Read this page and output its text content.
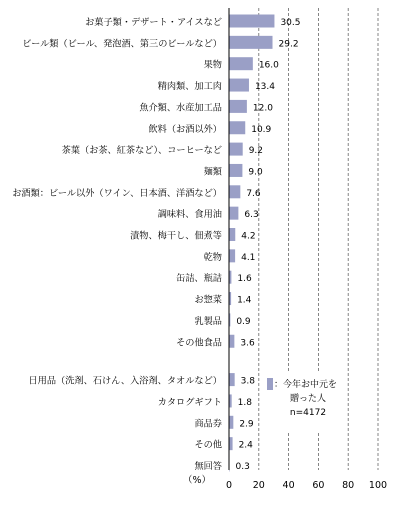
お菓子類・デザート・アイスなど
ビール類（ビール、発泡酒、第三のビールなど）
果物
精肉類、加工肉
魚介類、水産加工品
飲料（お酒以外）
茶葉（お茶、紅茶など）、コーヒーなど
麺類
お酒類：ビール以外（ワイン、日本酒、洋酒など）
調味料、食用油
漬物、梅干し、佃煮等
乾物
缶詰、瓶詰
お惣菜
乳製品
その他食品
日用品（洗剤、石けん、入浴剤、タオルなど）
カタログギフト
商品券
その他
無回答
30.5
29.2
16.0
13.4
12.0
10.9
9.2
9.0
7.6
6.3
4.2
4.1
1.6
1.4
0.9
3.6
3.8
1.8
2.9
2.4
0.3
0 20 40 60 80 100
（%）
：今年お中元を
贈った人
n=4172
